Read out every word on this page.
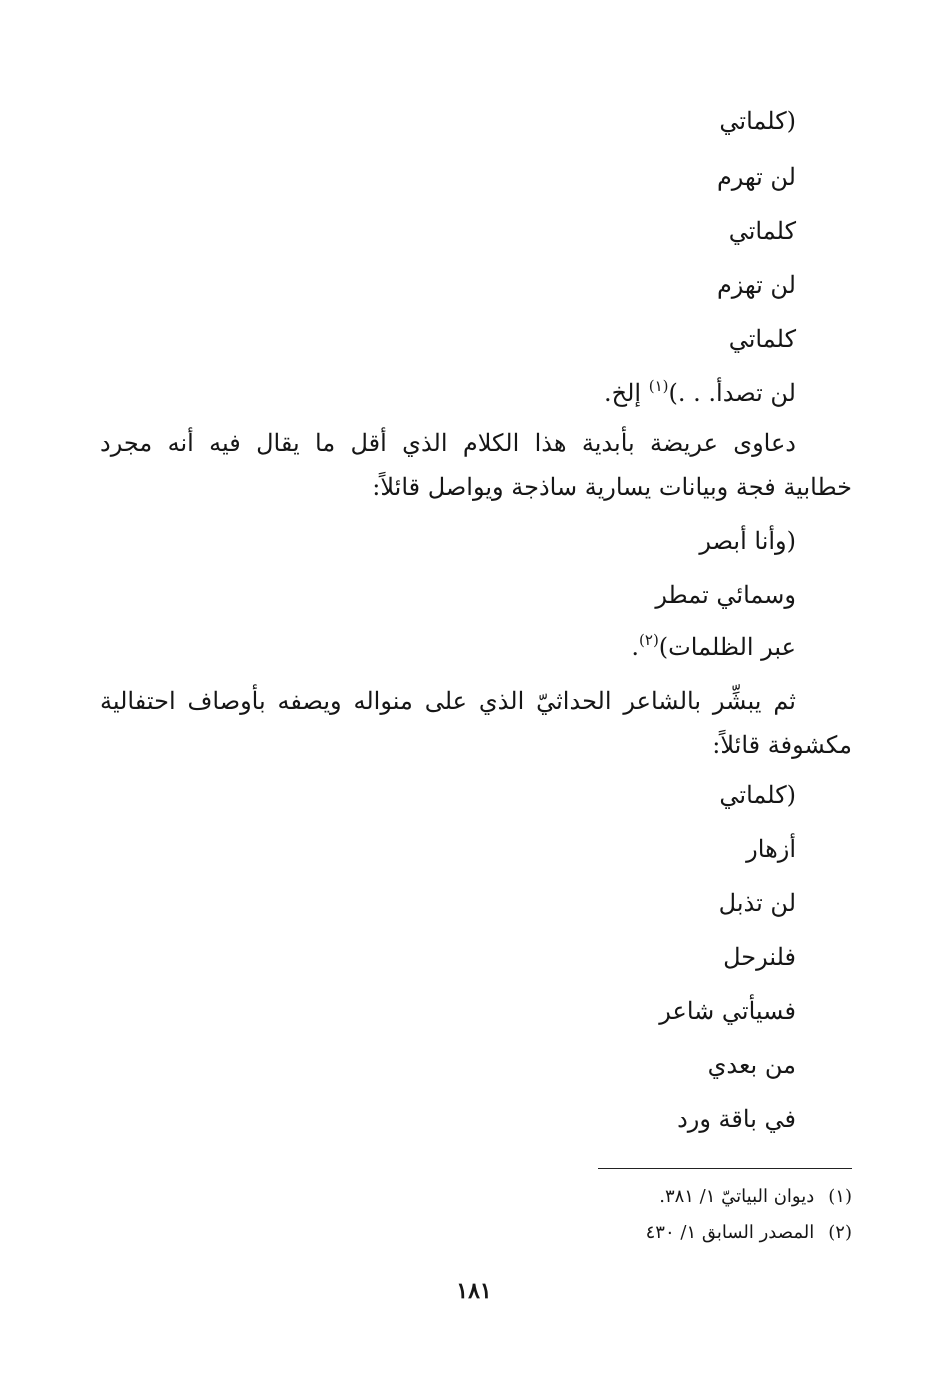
(كلماتي
لن تهرم
كلماتي
لن تهزم
كلماتي
لن تصدأ. . .)$^{(١)}$ إلخ.
دعاوى عريضة بأبدية هذا الكلام الذي أقل ما يقال فيه أنه مجرد
خطابية فجة وبيانات يسارية ساذجة ويواصل قائلاً:
(وأنا أبصر
وسمائي تمطر
عبر الظلمات)$^{(٢)}$.
ثم يبشِّر بالشاعر الحداثيّ الذي على منواله ويصفه بأوصاف احتفالية
مكشوفة قائلاً:
(كلماتي
أزهار
لن تذبل
فلنرحل
فسيأتي شاعر
من بعدي
في باقة ورد
(١)ديوان البياتيّ ١/ ٣٨١.
(٢)المصدر السابق ١/ ٤٣٠
١٨١
